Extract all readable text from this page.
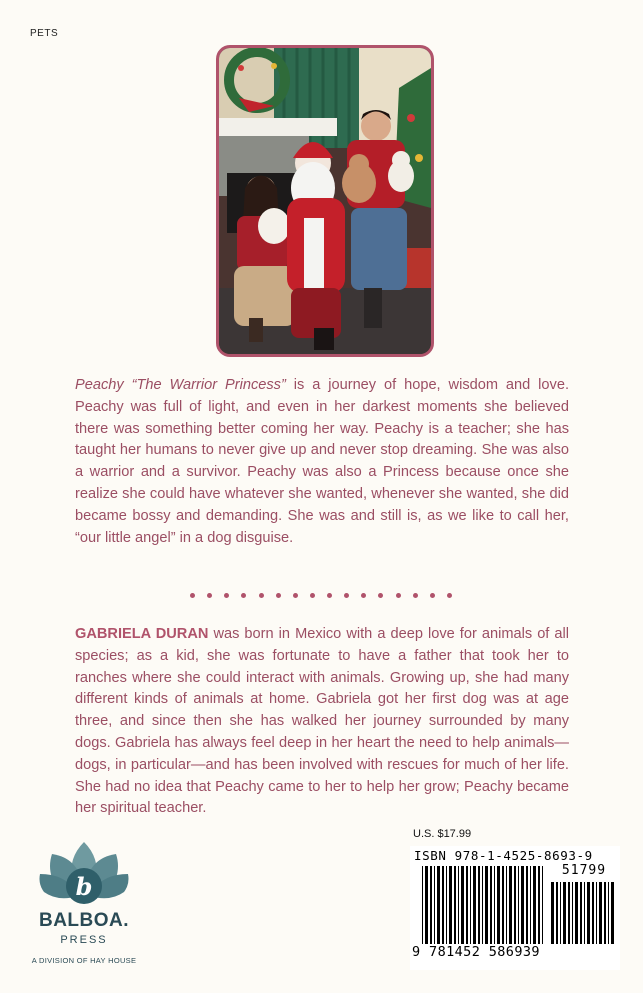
PETS

Peachy “The Warrior Princess” is a journey of hope, wisdom and love. Peachy was full of light, and even in her darkest moments she believed there was something better coming her way. Peachy is a teacher; she has taught her humans to never give up and never stop dreaming. She was also a warrior and a survivor. Peachy was also a Princess because once she realize she could have whatever she wanted, whenever she wanted, she did became bossy and demanding. She was and still is, as we like to call her, “our little angel” in a dog disguise.

GABRIELA DURAN was born in Mexico with a deep love for animals of all species; as a kid, she was fortunate to have a father that took her to ranches where she could interact with animals. Growing up, she had many different kinds of animals at home. Gabriela got her first dog was at age three, and since then she has walked her journey surrounded by many dogs. Gabriela has always feel deep in her heart the need to help animals—dogs, in particular—and has been involved with rescues for much of her life. She had no idea that Peachy came to her to help her grow; Peachy became her spiritual teacher.

b
BALBOA.
PRESS
A DIVISION OF HAY HOUSE
U.S. $17.99
ISBN 978-1-4525-8693-9
51799
9 781452 586939
